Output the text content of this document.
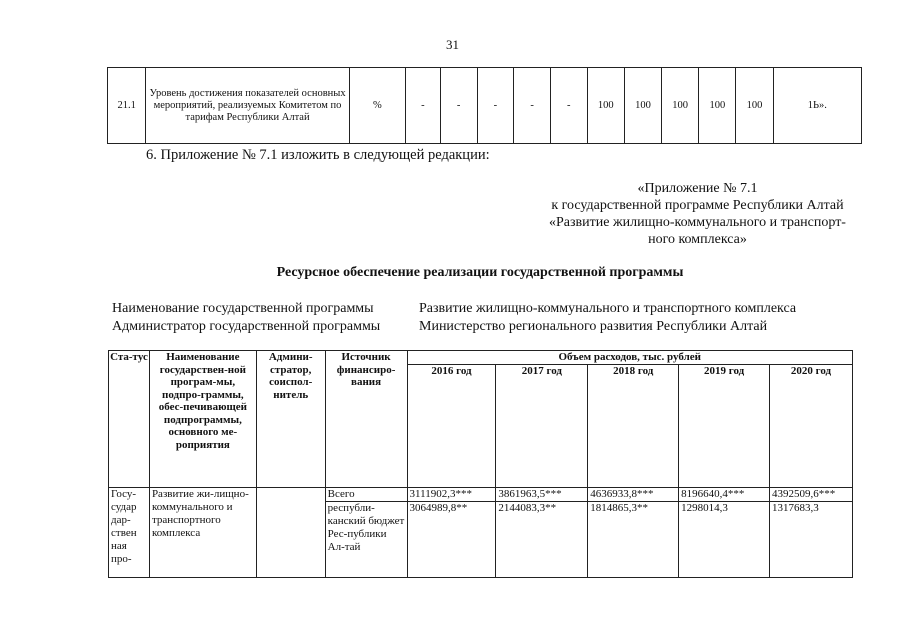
31
21.1	Уровень достижения показателей основных мероприятий, реализуемых Комитетом по тарифам Республики Алтай	%	-	-	-	-	-	100	100	100	100	100	1Ь».
6. Приложение № 7.1 изложить в следующей редакции:
«Приложение № 7.1
к государственной программе Республики Алтай
«Развитие жилищно-коммунального и транспорт-
ного комплекса»
Ресурсное обеспечение реализации государственной программы
Наименование государственной программы	Развитие жилищно-коммунального и транспортного комплекса
Администратор государственной программы	Министерство регионального развития Республики Алтай
Ста-тус	Наименование государствен-ной програм-мы, подпро-граммы, обес-печивающей подпрограммы, основного ме-роприятия	Админи-стратор, соиспол-нитель	Источник финансиро-вания	Объем расходов, тыс. рублей				
				2016 год	2017 год	2018 год	2019 год	2020 год
Госу-судар дар-ствен ная про-	Развитие жи-лищно-коммунального и транспортного комплекса		Всего	3111902,3***	3861963,5***	4636933,8***	8196640,4***	4392509,6***
			республи-канский бюджет Рес-публики Ал-тай	3064989,8**	2144083,3**	1814865,3**	1298014,3	1317683,3
